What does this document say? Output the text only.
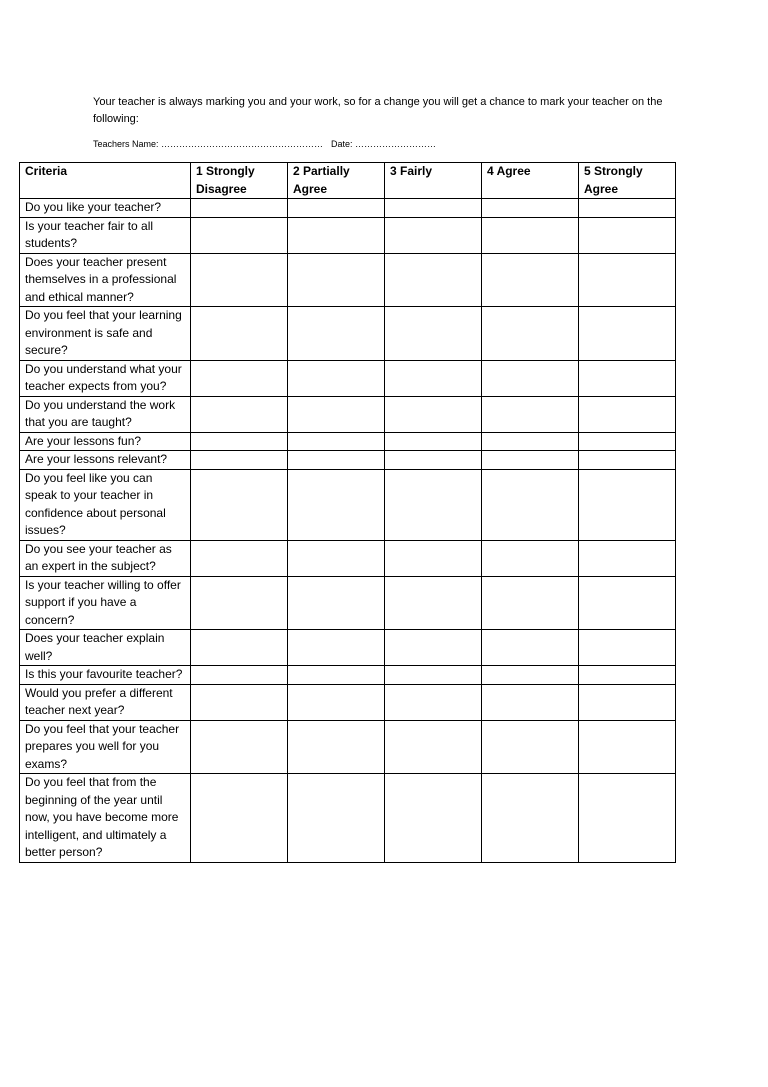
Your teacher is always marking you and your work, so for a change you will get a chance to mark your teacher on the following:
Teachers Name: ……………………………………………… Date: ………………………
Criteria	1 Strongly Disagree	2 Partially Agree	3 Fairly	4 Agree	5 Strongly Agree
Do you like your teacher?					
Is your teacher fair to all students?					
Does your teacher present themselves in a professional and ethical manner?					
Do you feel that your learning environment is safe and secure?					
Do you understand what your teacher expects from you?					
Do you understand the work that you are taught?					
Are your lessons fun?					
Are your lessons relevant?					
Do you feel like you can speak to your teacher in confidence about personal issues?					
Do you see your teacher as an expert in the subject?					
Is your teacher willing to offer support if you have a concern?					
Does your teacher explain well?					
Is this your favourite teacher?					
Would you prefer a different teacher next year?					
Do you feel that your teacher prepares you well for you exams?					
Do you feel that from the beginning of the year until now, you have become more intelligent, and ultimately a better person?					
